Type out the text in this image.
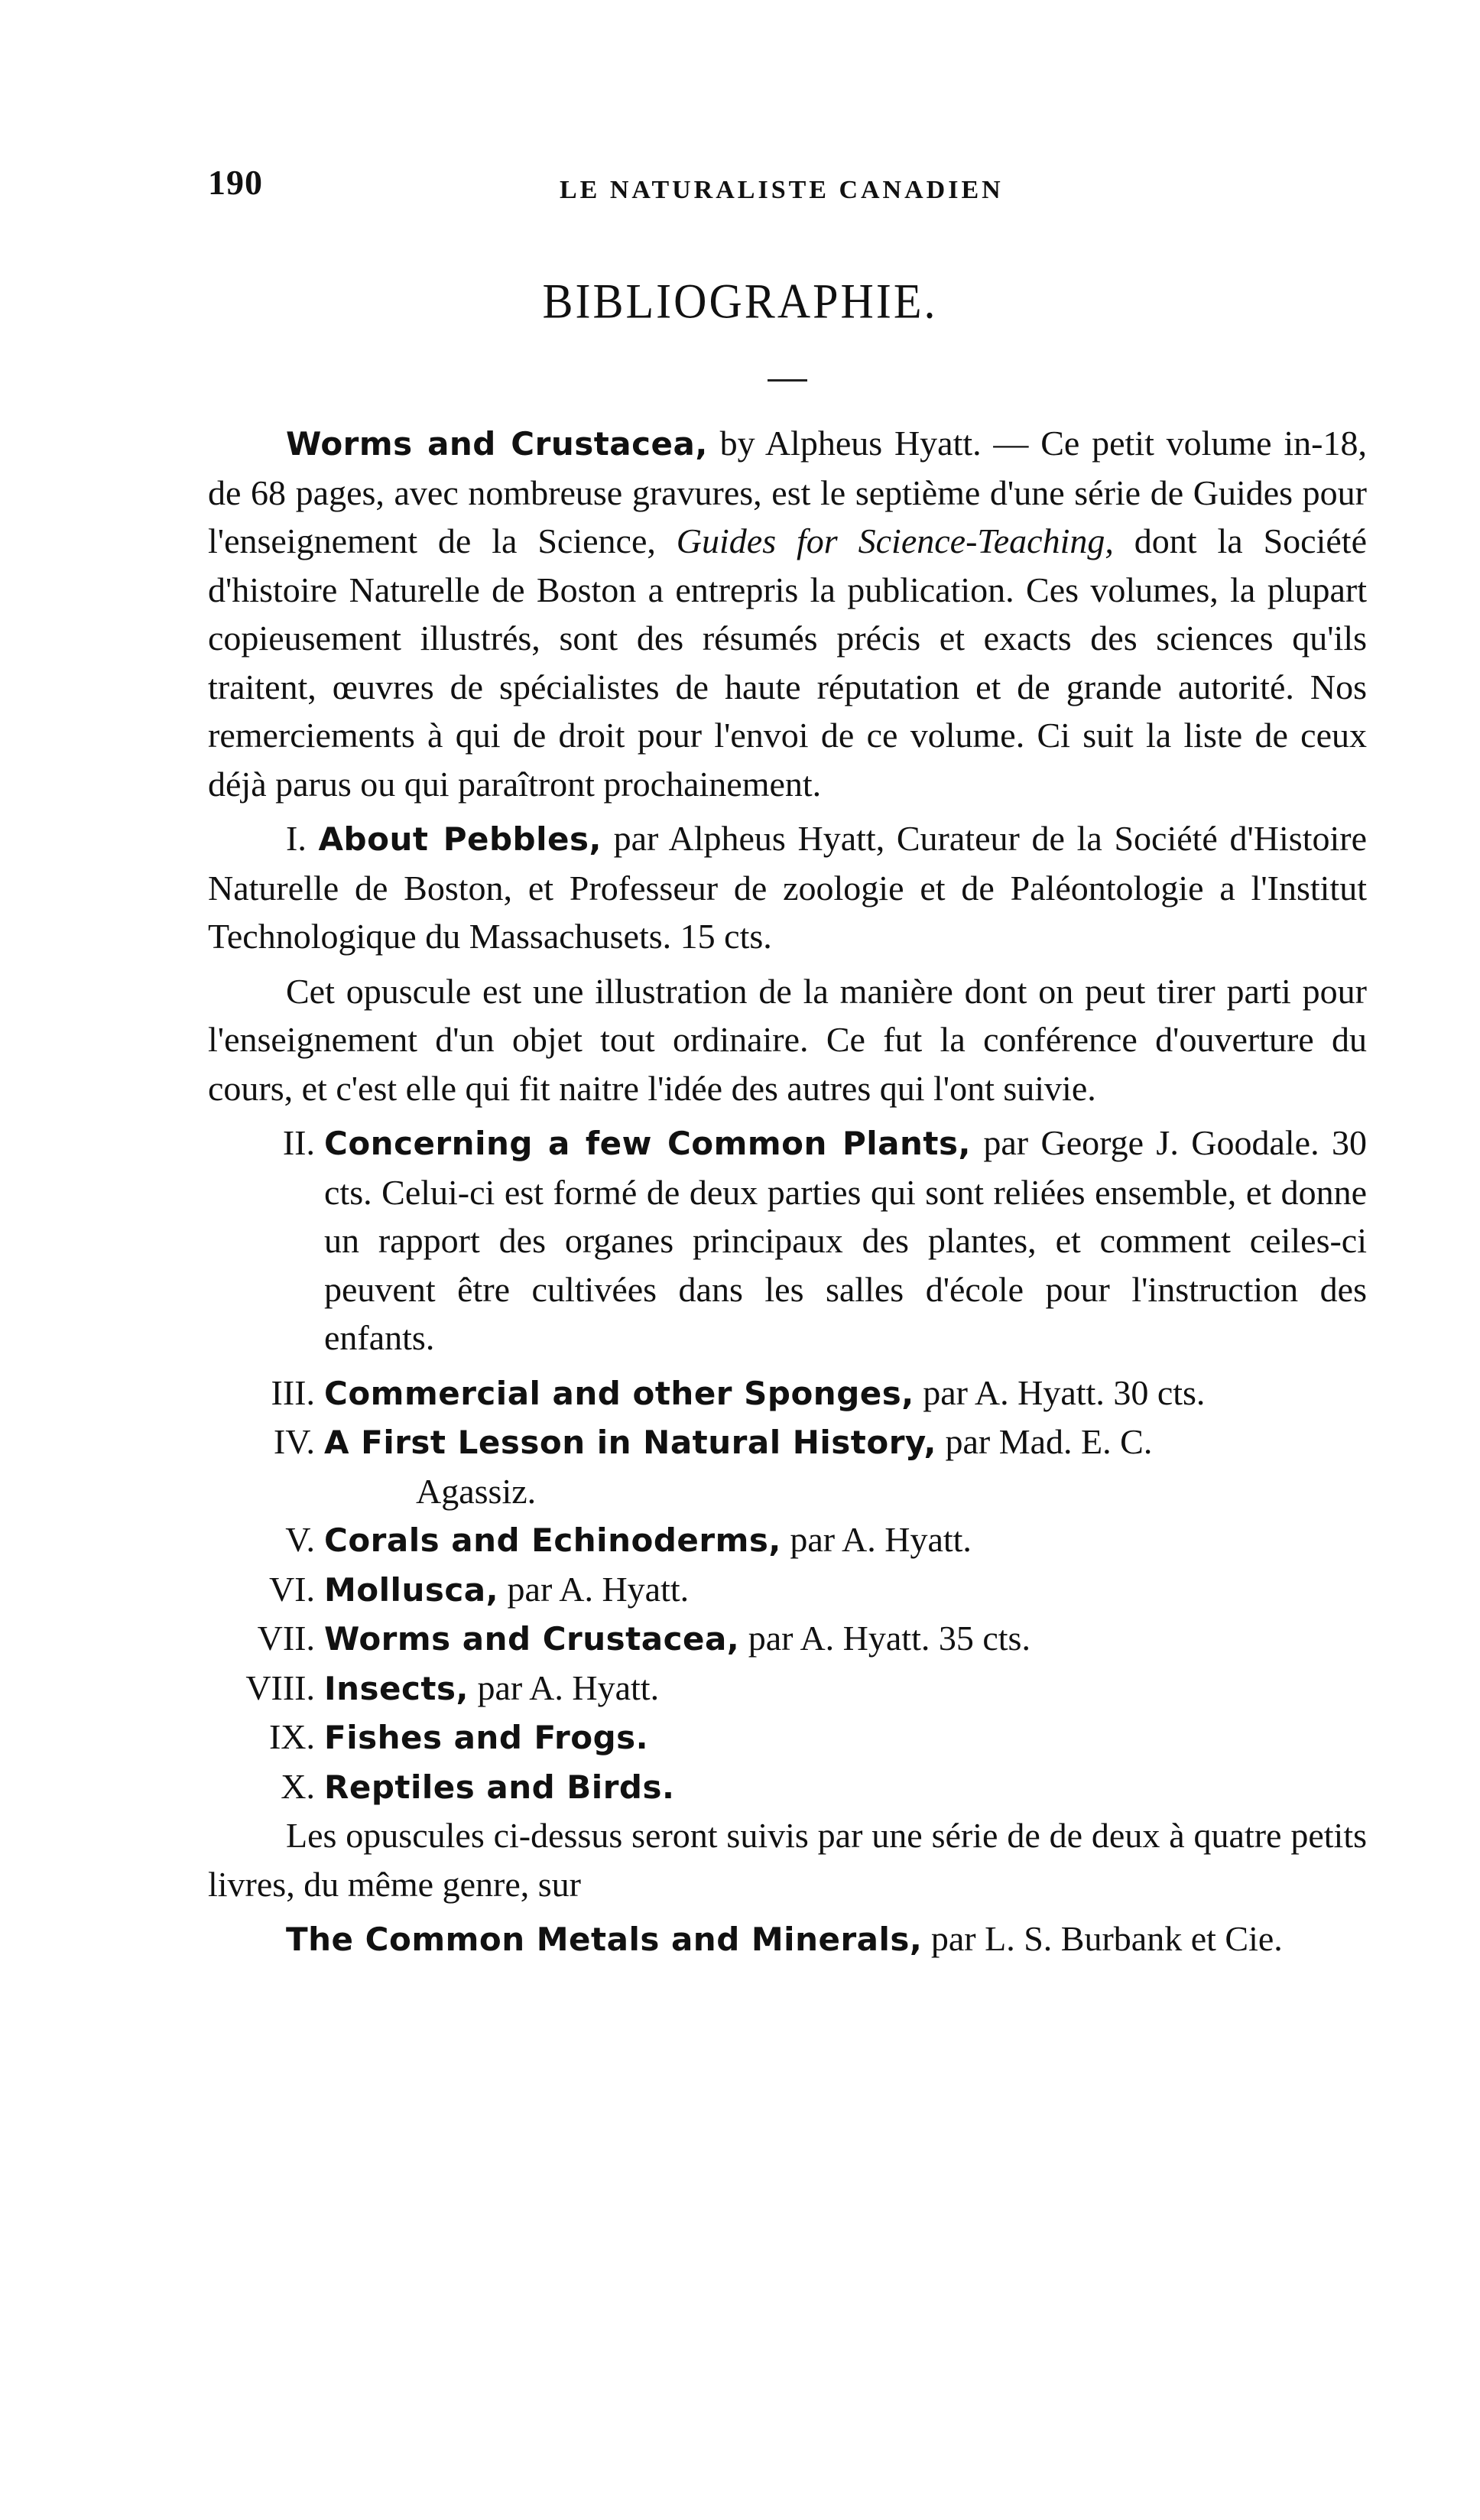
190	LE NATURALISTE CANADIEN
BIBLIOGRAPHIE.

Worms and Crustacea, by Alpheus Hyatt. — Ce petit volume in-18, de 68 pages, avec nombreuse gravures, est le septième d'une série de Guides pour l'enseignement de la Science, Guides for Science-Teaching, dont la Société d'histoire Naturelle de Boston a entrepris la publication. Ces volumes, la plupart copieusement illustrés, sont des résumés précis et exacts des sciences qu'ils traitent, œuvres de spécialistes de haute réputation et de grande autorité. Nos remerciements à qui de droit pour l'envoi de ce volume. Ci suit la liste de ceux déjà parus ou qui paraîtront prochainement.

I. About Pebbles, par Alpheus Hyatt, Curateur de la Société d'Histoire Naturelle de Boston, et Professeur de zoologie et de Paléontologie a l'Institut Technologique du Massachusets. 15 cts.

Cet opuscule est une illustration de la manière dont on peut tirer parti pour l'enseignement d'un objet tout ordinaire. Ce fut la conférence d'ouverture du cours, et c'est elle qui fit naitre l'idée des autres qui l'ont suivie.

II. Concerning a few Common Plants, par George J. Goodale. 30 cts. Celui-ci est formé de deux parties qui sont reliées ensemble, et donne un rapport des organes principaux des plantes, et comment ceiles-ci peuvent être cultivées dans les salles d'école pour l'instruction des enfants.

III. Commercial and other Sponges, par A. Hyatt. 30 cts.

IV. A First Lesson in Natural History, par Mad. E. C.

Agassiz.

V. Corals and Echinoderms, par A. Hyatt.

VI. Mollusca, par A. Hyatt.

VII. Worms and Crustacea, par A. Hyatt. 35 cts.

VIII. Insects, par A. Hyatt.

IX. Fishes and Frogs.

X. Reptiles and Birds.

Les opuscules ci-dessus seront suivis par une série de de deux à quatre petits livres, du même genre, sur

The Common Metals and Minerals, par L. S. Burbank et Cie.
